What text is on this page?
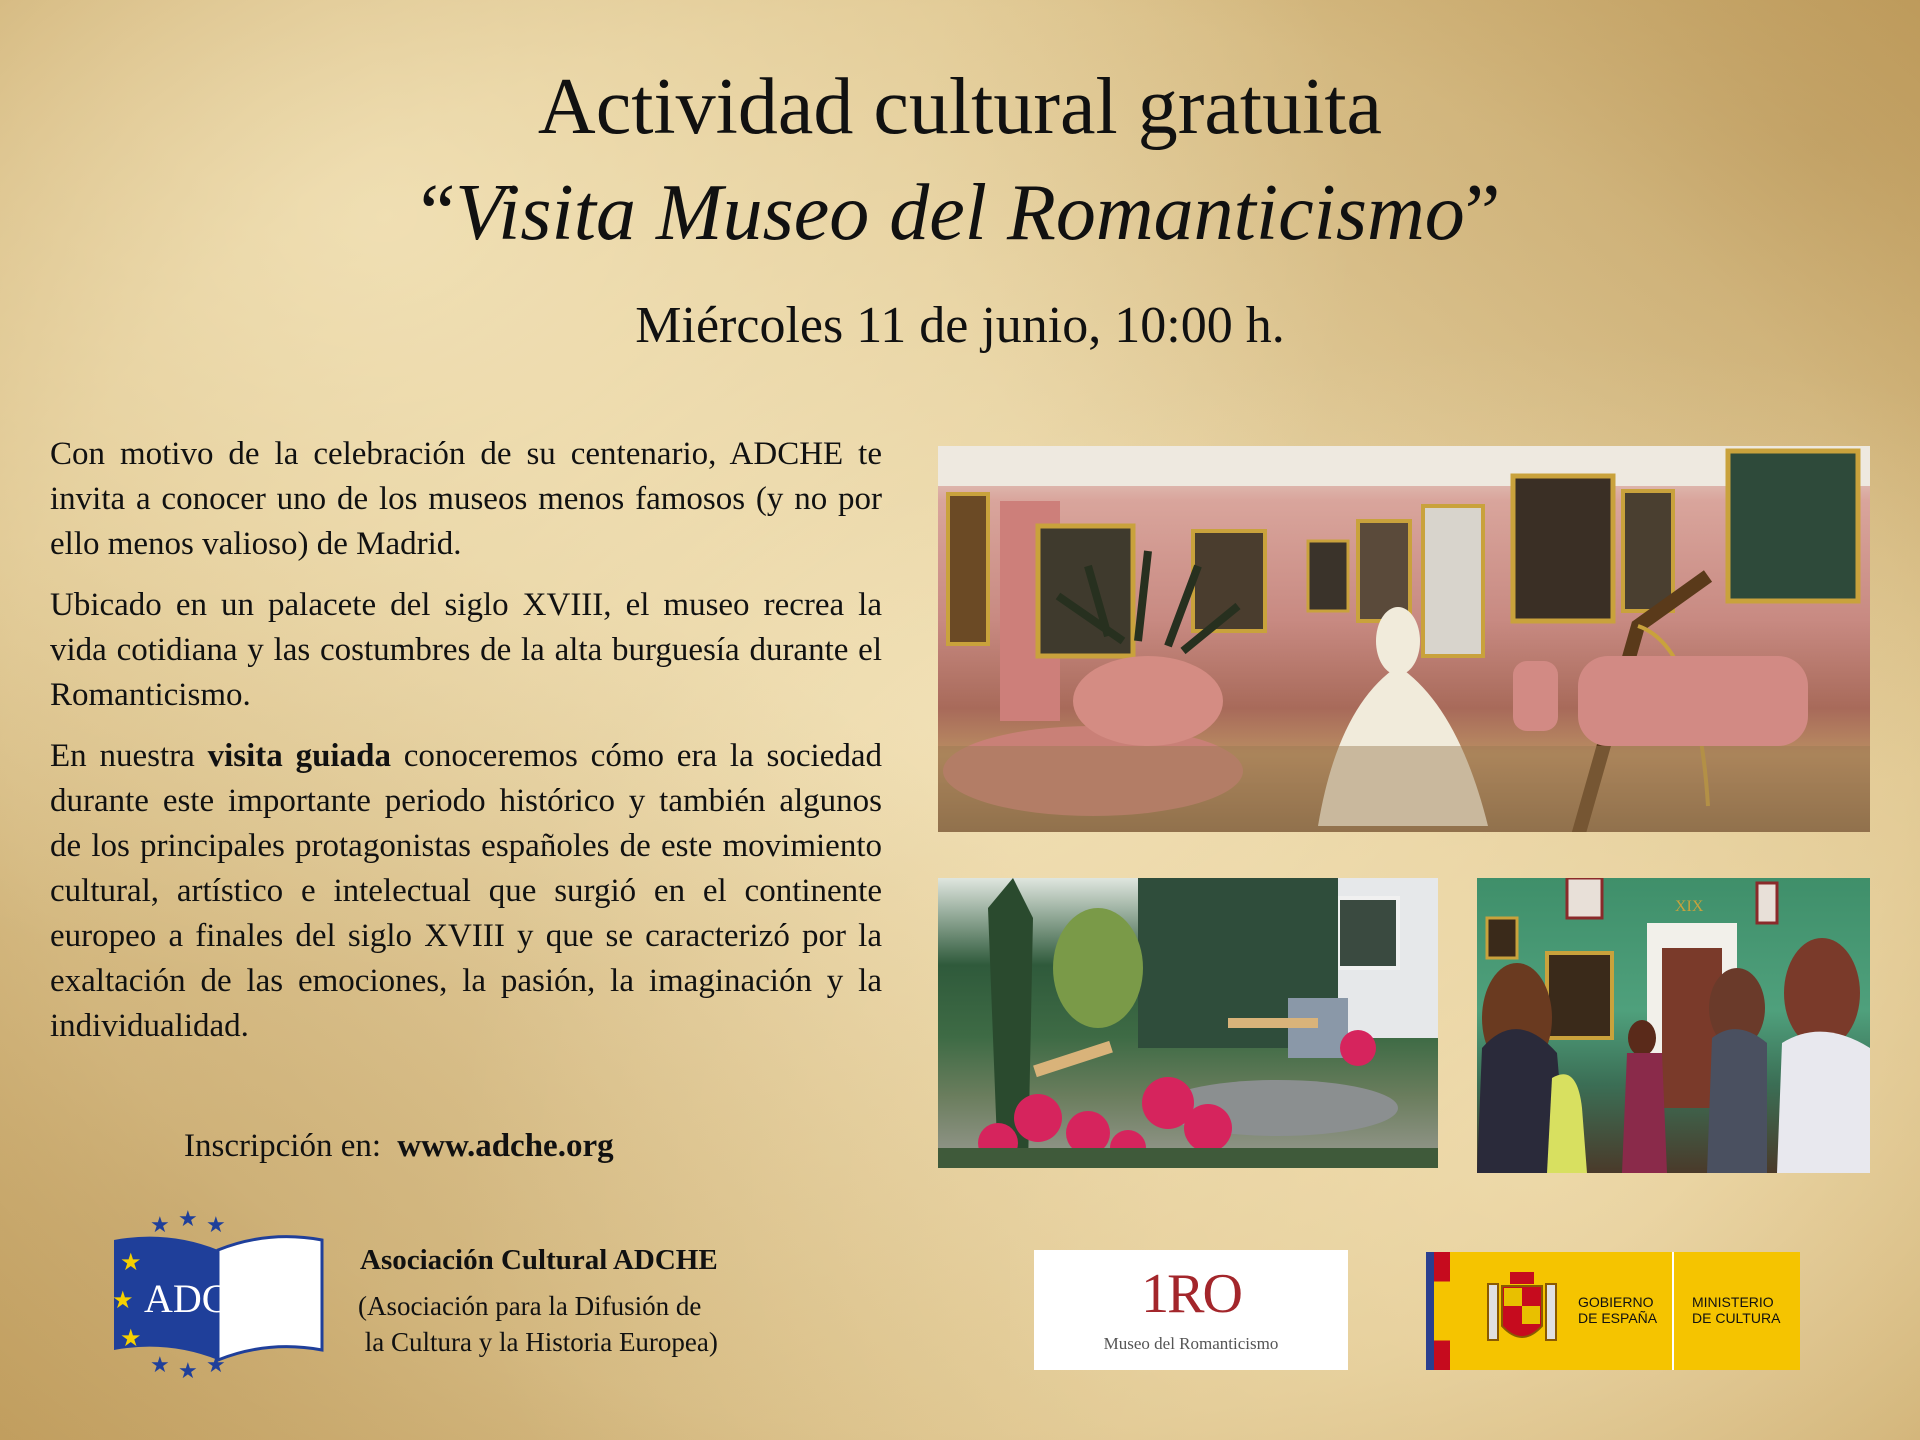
Actividad cultural gratuita
“Visita Museo del Romanticismo”
Miércoles 11 de junio, 10:00 h.

Con motivo de la celebración de su centenario, ADCHE te invita a conocer uno de los museos menos famosos (y no por ello menos valioso) de Madrid.

Ubicado en un palacete del siglo XVIII, el museo recrea la vida cotidiana y las costumbres de la alta burguesía durante el Romanticismo.

En nuestra visita guiada conoceremos cómo era la sociedad durante este importante periodo histórico y también algunos de los principales protagonistas españoles de este movimiento cultural, artístico e intelectual que surgió en el continente europeo a finales del siglo XVIII y que se caracterizó por la exaltación de las emociones, la pasión, la imaginación y la individualidad.

Inscripción en: www.adche.org
XIX
★ ★ ★
★ ★ ★
★
★
★
ADCHE
Asociación Cultural ADCHE
(Asociación para la Difusión de
la Cultura y la Historia Europea)
1RO
Museo del Romanticismo
GOBIERNO
DE ESPAÑA
MINISTERIO
DE CULTURA
